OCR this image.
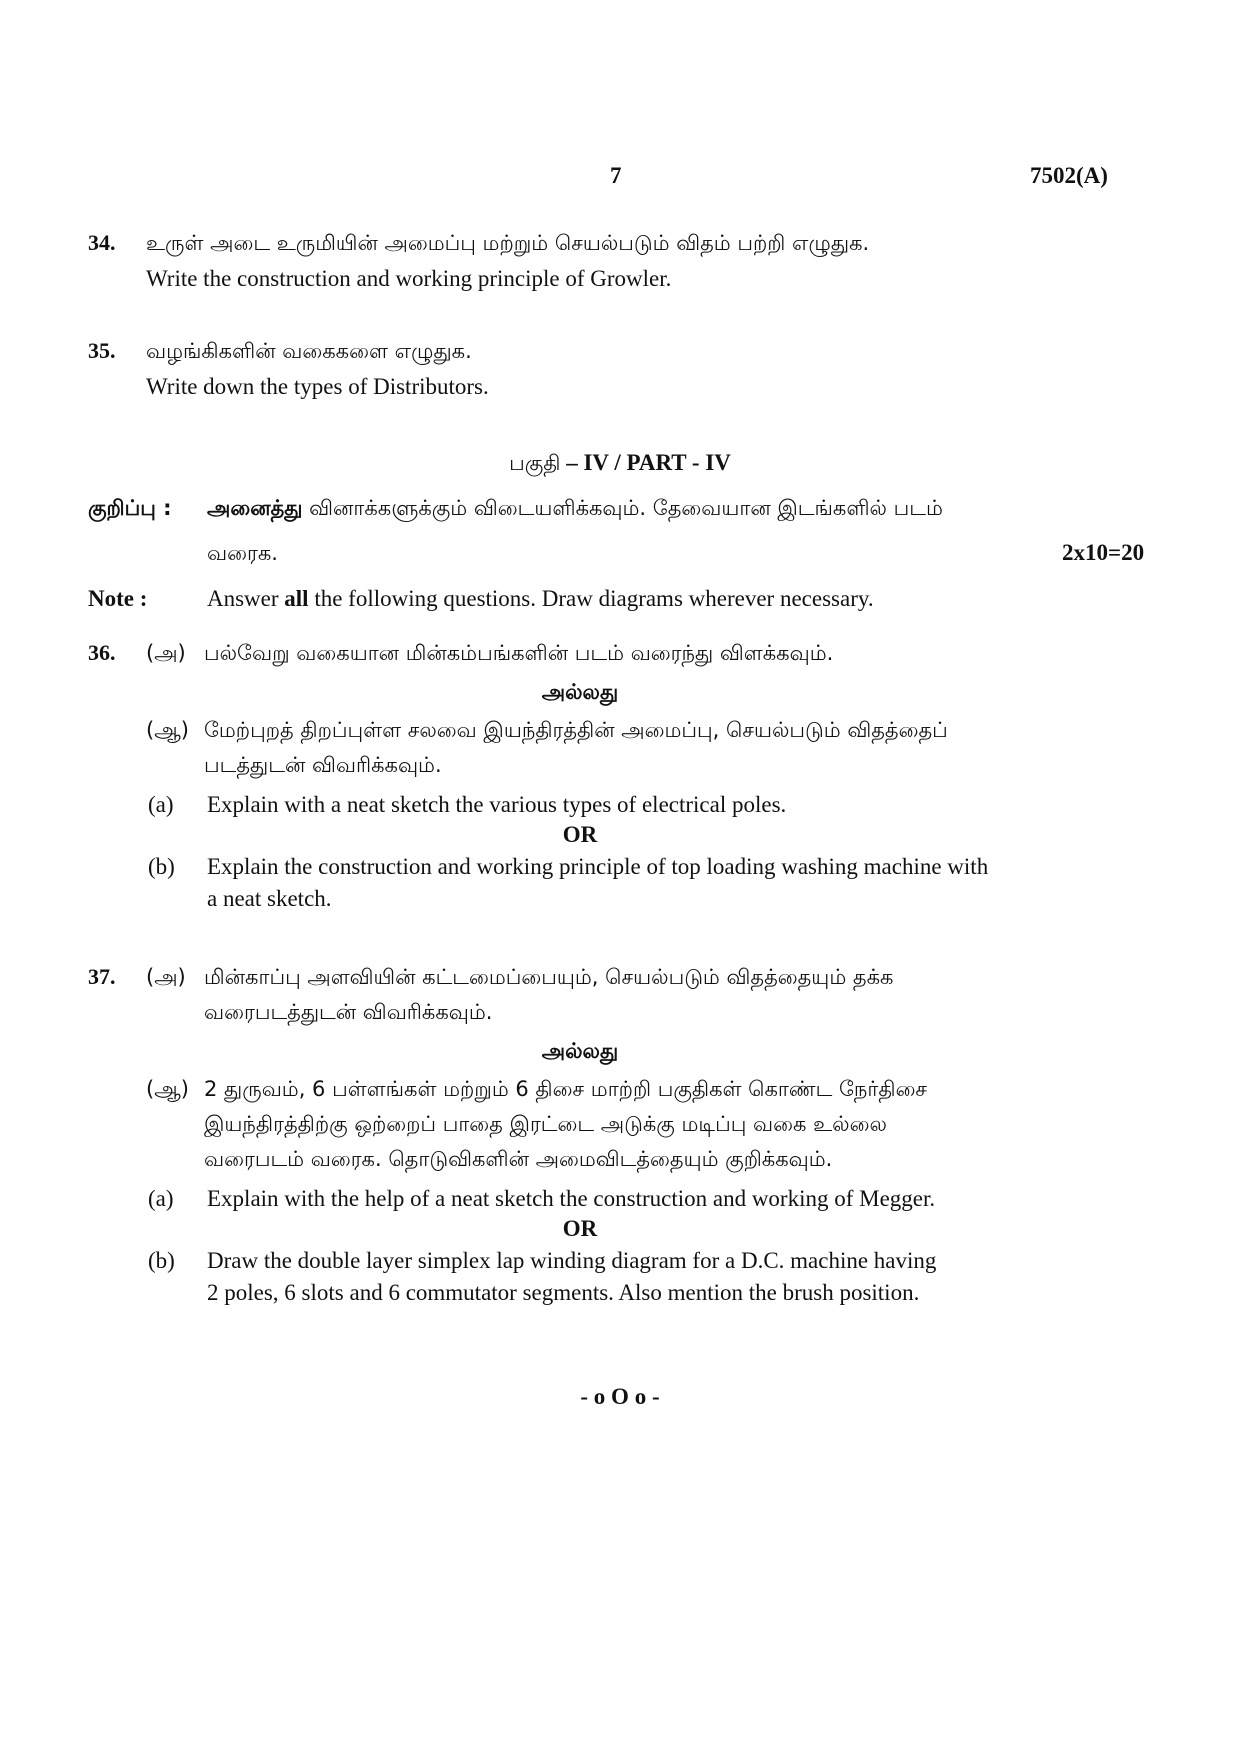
7	7502(A)
34. உருள் அடை உருமியின் அமைப்பு மற்றும் செயல்படும் விதம் பற்றி எழுதுக.
Write the construction and working principle of Growler.
35. வழங்கிகளின் வகைகளை எழுதுக.
Write down the types of Distributors.
பகுதி – IV / PART - IV
குறிப்பு : அனைத்து வினாக்களுக்கும் விடையளிக்கவும். தேவையான இடங்களில் படம்
வரைக.	2x10=20
Note :	Answer all the following questions. Draw diagrams wherever necessary.
36. (அ) பல்வேறு வகையான மின்கம்பங்களின் படம் வரைந்து விளக்கவும்.
அல்லது
(ஆ) மேற்புறத் திறப்புள்ள சலவை இயந்திரத்தின் அமைப்பு, செயல்படும் விதத்தைப்
படத்துடன் விவரிக்கவும்.
(a) Explain with a neat sketch the various types of electrical poles.
OR
(b) Explain the construction and working principle of top loading washing machine with
a neat sketch.
37. (அ) மின்காப்பு அளவியின் கட்டமைப்பையும், செயல்படும் விதத்தையும் தக்க
வரைபடத்துடன் விவரிக்கவும்.
அல்லது
(ஆ) 2 துருவம், 6 பள்ளங்கள் மற்றும் 6 திசை மாற்றி பகுதிகள் கொண்ட நேர்திசை
இயந்திரத்திற்கு ஒற்றைப் பாதை இரட்டை அடுக்கு மடிப்பு வகை உல்லை
வரைபடம் வரைக. தொடுவிகளின் அமைவிடத்தையும் குறிக்கவும்.
(a) Explain with the help of a neat sketch the construction and working of Megger.
OR
(b) Draw the double layer simplex lap winding diagram for a D.C. machine having
2 poles, 6 slots and 6 commutator segments. Also mention the brush position.
- o O o -
